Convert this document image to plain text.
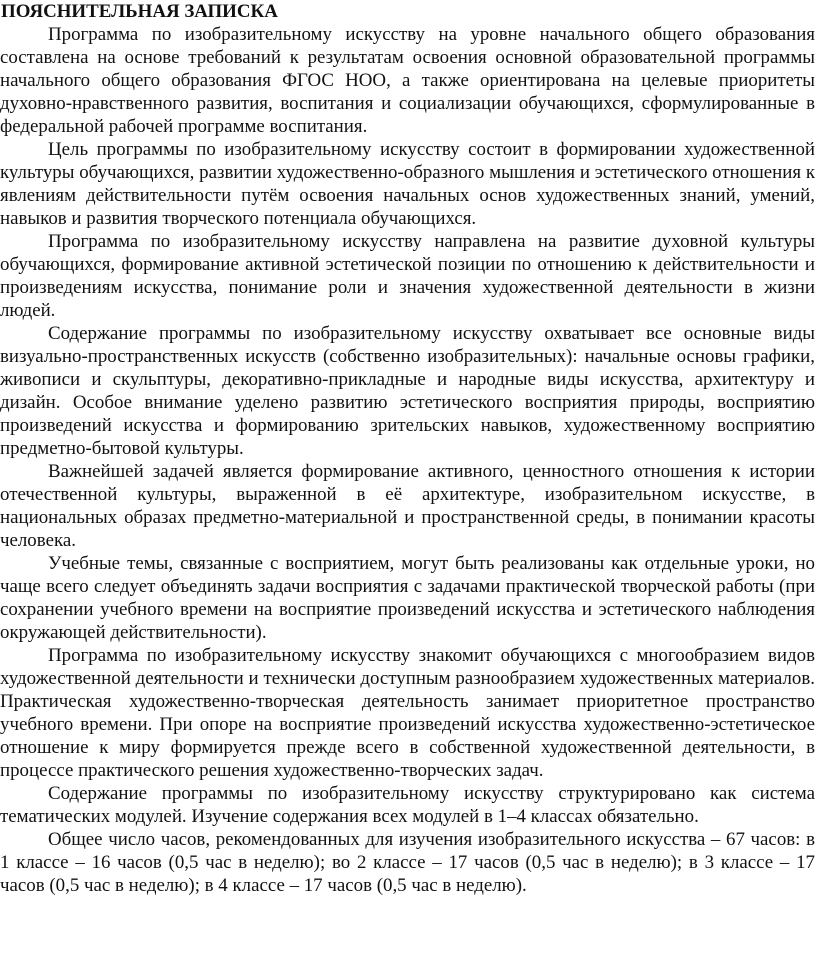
ПОЯСНИТЕЛЬНАЯ ЗАПИСКА

Программа по изобразительному искусству на уровне начального общего образования составлена на основе требований к результатам освоения основной образовательной программы начального общего образования ФГОС НОО, а также ориентирована на целевые приоритеты духовно-нравственного развития, воспитания и социализации обучающихся, сформулированные в федеральной рабочей программе воспитания.

Цель программы по изобразительному искусству состоит в формировании художественной культуры обучающихся, развитии художественно-образного мышления и эстетического отношения к явлениям действительности путём освоения начальных основ художественных знаний, умений, навыков и развития творческого потенциала обучающихся.

Программа по изобразительному искусству направлена на развитие духовной культуры обучающихся, формирование активной эстетической позиции по отношению к действительности и произведениям искусства, понимание роли и значения художественной деятельности в жизни людей.

Содержание программы по изобразительному искусству охватывает все основные виды визуально-пространственных искусств (собственно изобразительных): начальные основы графики, живописи и скульптуры, декоративно-прикладные и народные виды искусства, архитектуру и дизайн. Особое внимание уделено развитию эстетического восприятия природы, восприятию произведений искусства и формированию зрительских навыков, художественному восприятию предметно-бытовой культуры.

Важнейшей задачей является формирование активного, ценностного отношения к истории отечественной культуры, выраженной в её архитектуре, изобразительном искусстве, в национальных образах предметно-материальной и пространственной среды, в понимании красоты человека.

Учебные темы, связанные с восприятием, могут быть реализованы как отдельные уроки, но чаще всего следует объединять задачи восприятия с задачами практической творческой работы (при сохранении учебного времени на восприятие произведений искусства и эстетического наблюдения окружающей действительности).

Программа по изобразительному искусству знакомит обучающихся с многообразием видов художественной деятельности и технически доступным разнообразием художественных материалов. Практическая художественно-творческая деятельность занимает приоритетное пространство учебного времени. При опоре на восприятие произведений искусства художественно-эстетическое отношение к миру формируется прежде всего в собственной художественной деятельности, в процессе практического решения художественно-творческих задач.

Содержание программы по изобразительному искусству структурировано как система тематических модулей. Изучение содержания всех модулей в 1–4 классах обязательно.

Общее число часов, рекомендованных для изучения изобразительного искусства – 67 часов: в 1 классе – 16 часов (0,5 час в неделю); во 2 классе – 17 часов (0,5 час в неделю); в 3 классе – 17 часов (0,5 час в неделю); в 4 классе – 17 часов (0,5 час в неделю).
